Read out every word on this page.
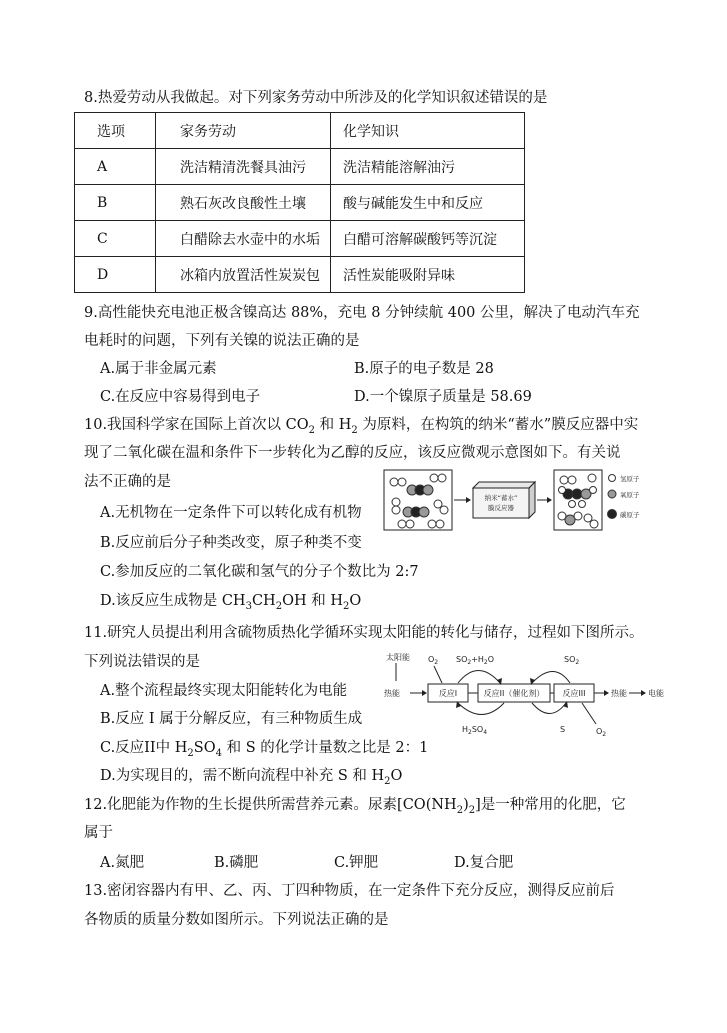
8.热爱劳动从我做起。对下列家务劳动中所涉及的化学知识叙述错误的是
选项	家务劳动	化学知识
A	洗洁精清洗餐具油污	洗洁精能溶解油污
B	熟石灰改良酸性土壤	酸与碱能发生中和反应
C	白醋除去水壶中的水垢	白醋可溶解碳酸钙等沉淀
D	冰箱内放置活性炭炭包	活性炭能吸附异味
9.高性能快充电池正极含镍高达 88%，充电 8 分钟续航 400 公里，解决了电动汽车充
电耗时的问题，下列有关镍的说法正确的是
A.属于非金属元素	B.原子的电子数是 28
C.在反应中容易得到电子	D.一个镍原子质量是 58.69
10.我国科学家在国际上首次以 $CO_2$ 和 $H_2$ 为原料，在构筑的纳米“蓄水”膜反应器中实
现了二氧化碳在温和条件下一步转化为乙醇的反应，该反应微观示意图如下。有关说
法不正确的是
A.无机物在一定条件下可以转化成有机物
B.反应前后分子种类改变，原子种类不变
C.参加反应的二氧化碳和氢气的分子个数比为 2:7
D.该反应生成物是 $CH_3CH_2OH$ 和 $H_2O$
纳米“蓄水”
膜反应器
氢原子
氧原子
碳原子
11.研究人员提出利用含硫物质热化学循环实现太阳能的转化与储存，过程如下图所示。
下列说法错误的是
A.整个流程最终实现太阳能转化为电能
B.反应 I 属于分解反应，有三种物质生成
C.反应II中 $H_2SO_4$ 和 S 的化学计量数之比是 2：1
D.为实现目的，需不断向流程中补充 S 和 $H_2O$
太阳能
热能	反应I	反应II（催化剂） 反应III	热能	电能
$O_2$ $SO_2+H_2O$	$SO_2$
$H_2SO_4$	S	$O_2$
12.化肥能为作物的生长提供所需营养元素。尿素$[CO(NH_2)_2]$是一种常用的化肥，它
属于
A.氮肥	B.磷肥	C.钾肥	D.复合肥
13.密闭容器内有甲、乙、丙、丁四种物质，在一定条件下充分反应，测得反应前后
各物质的质量分数如图所示。下列说法正确的是
